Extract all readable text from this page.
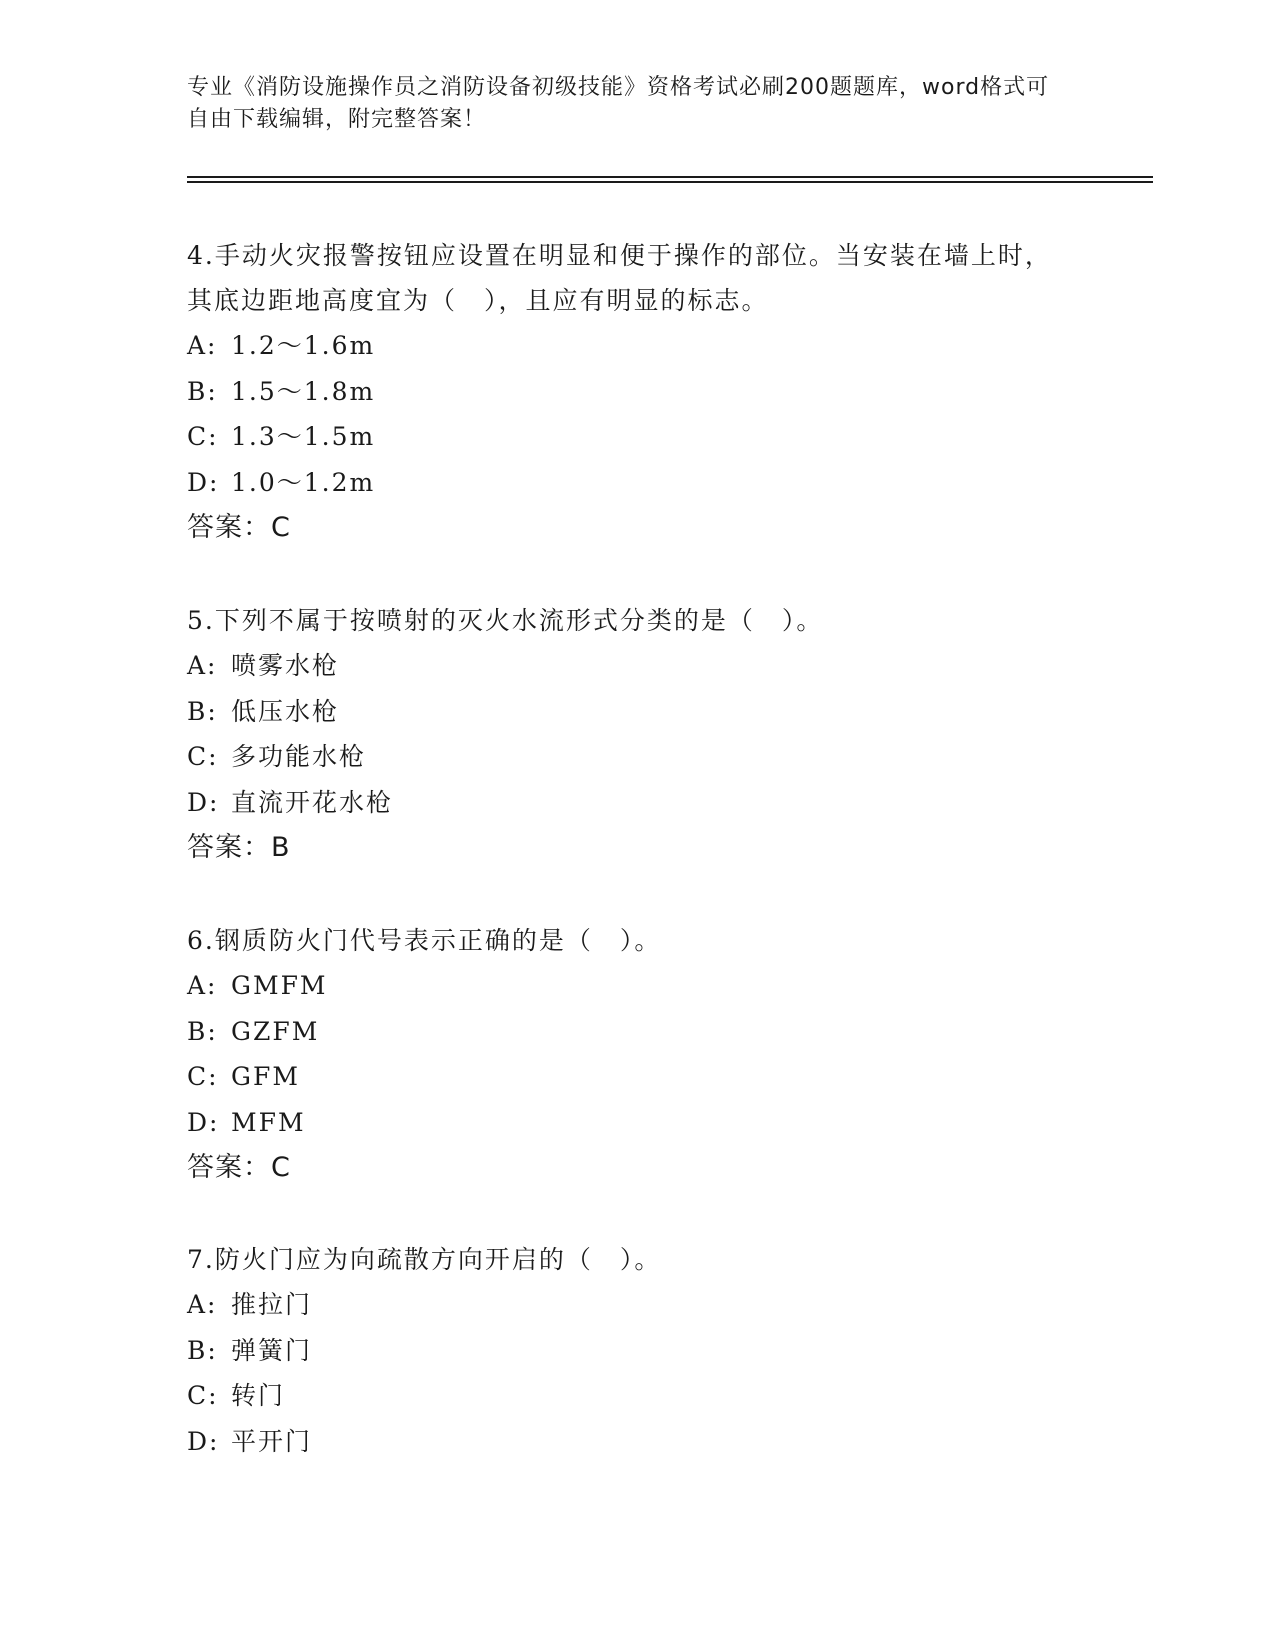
专业《消防设施操作员之消防设备初级技能》资格考试必刷200题题库，word格式可自由下载编辑，附完整答案！

4.手动火灾报警按钮应设置在明显和便于操作的部位。当安装在墙上时，其底边距地高度宜为（　），且应有明显的标志。

A: 1.2～1.6m
B: 1.5～1.8m
C: 1.3～1.5m
D: 1.0～1.2m
答案：C

5.下列不属于按喷射的灭火水流形式分类的是（　）。

A: 喷雾水枪
B: 低压水枪
C: 多功能水枪
D: 直流开花水枪
答案：B

6.钢质防火门代号表示正确的是（　）。

A: GMFM
B: GZFM
C: GFM
D: MFM
答案：C

7.防火门应为向疏散方向开启的（　）。

A: 推拉门
B: 弹簧门
C: 转门
D: 平开门
